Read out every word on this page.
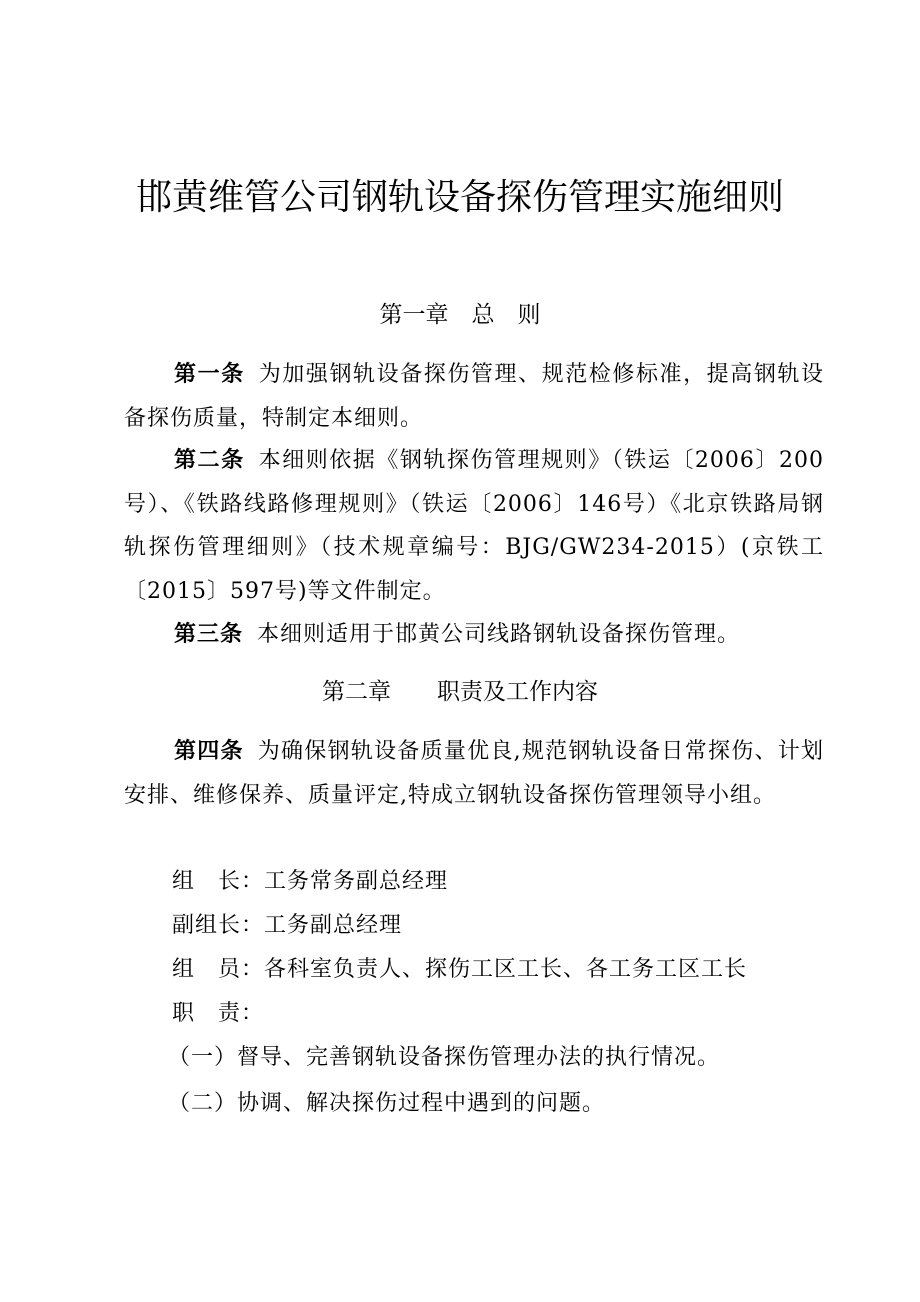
邯黄维管公司钢轨设备探伤管理实施细则
第一章　总　则
第一条 为加强钢轨设备探伤管理、规范检修标准，提高钢轨设备探伤质量，特制定本细则。
第二条 本细则依据《钢轨探伤管理规则》（铁运〔2006〕200号）、《铁路线路修理规则》（铁运〔2006〕146号）《北京铁路局钢轨探伤管理细则》（技术规章编号：BJG/GW234-2015）(京铁工〔2015〕597号)等文件制定。
第三条 本细则适用于邯黄公司线路钢轨设备探伤管理。
第二章　　职责及工作内容
第四条 为确保钢轨设备质量优良,规范钢轨设备日常探伤、计划安排、维修保养、质量评定,特成立钢轨设备探伤管理领导小组。
组　长：工务常务副总经理
副组长：工务副总经理
组　员：各科室负责人、探伤工区工长、各工务工区工长
职　责：
（一）督导、完善钢轨设备探伤管理办法的执行情况。
（二）协调、解决探伤过程中遇到的问题。
